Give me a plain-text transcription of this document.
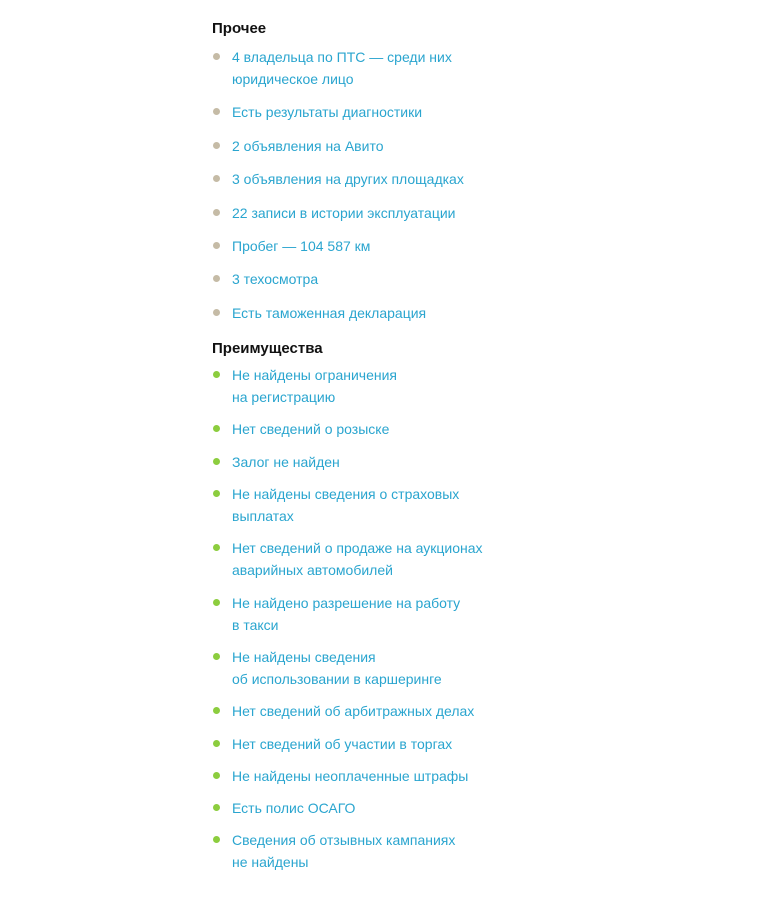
Прочее
4 владельца по ПТС — среди них
юридическое лицо
Есть результаты диагностики
2 объявления на Авито
3 объявления на других площадках
22 записи в истории эксплуатации
Пробег — 104 587 км
3 техосмотра
Есть таможенная декларация
Преимущества
Не найдены ограничения
на регистрацию
Нет сведений о розыске
Залог не найден
Не найдены сведения о страховых
выплатах
Нет сведений о продаже на аукционах
аварийных автомобилей
Не найдено разрешение на работу
в такси
Не найдены сведения
об использовании в каршеринге
Нет сведений об арбитражных делах
Нет сведений об участии в торгах
Не найдены неоплаченные штрафы
Есть полис ОСАГО
Сведения об отзывных кампаниях
не найдены
